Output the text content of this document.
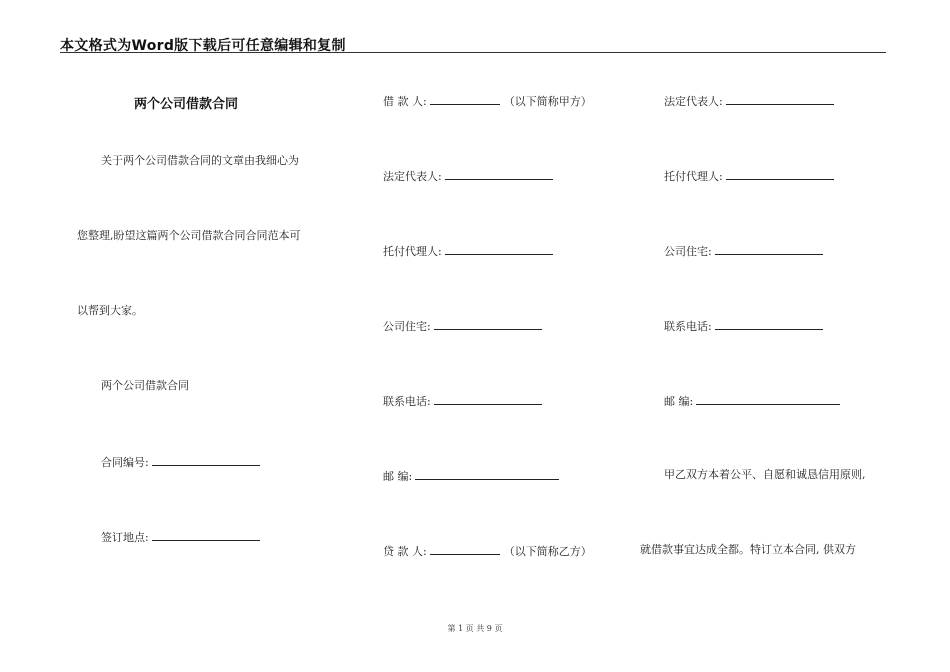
本文格式为Word版下载后可任意编辑和复制
两个公司借款合同
关于两个公司借款合同的文章由我细心为
您整理,盼望这篇两个公司借款合同合同范本可
以帮到大家。
两个公司借款合同
合同编号:
签订地点:
借 款 人:	（以下简称甲方）
法定代表人:
托付代理人:
公司住宅:
联系电话:
邮 编:
贷 款 人:	（以下简称乙方）
法定代表人:
托付代理人:
公司住宅:
联系电话:
邮 编:
甲乙双方本着公平、自愿和诚恳信用原则,
就借款事宜达成全都。特订立本合同, 供双方
第 1 页 共 9 页
